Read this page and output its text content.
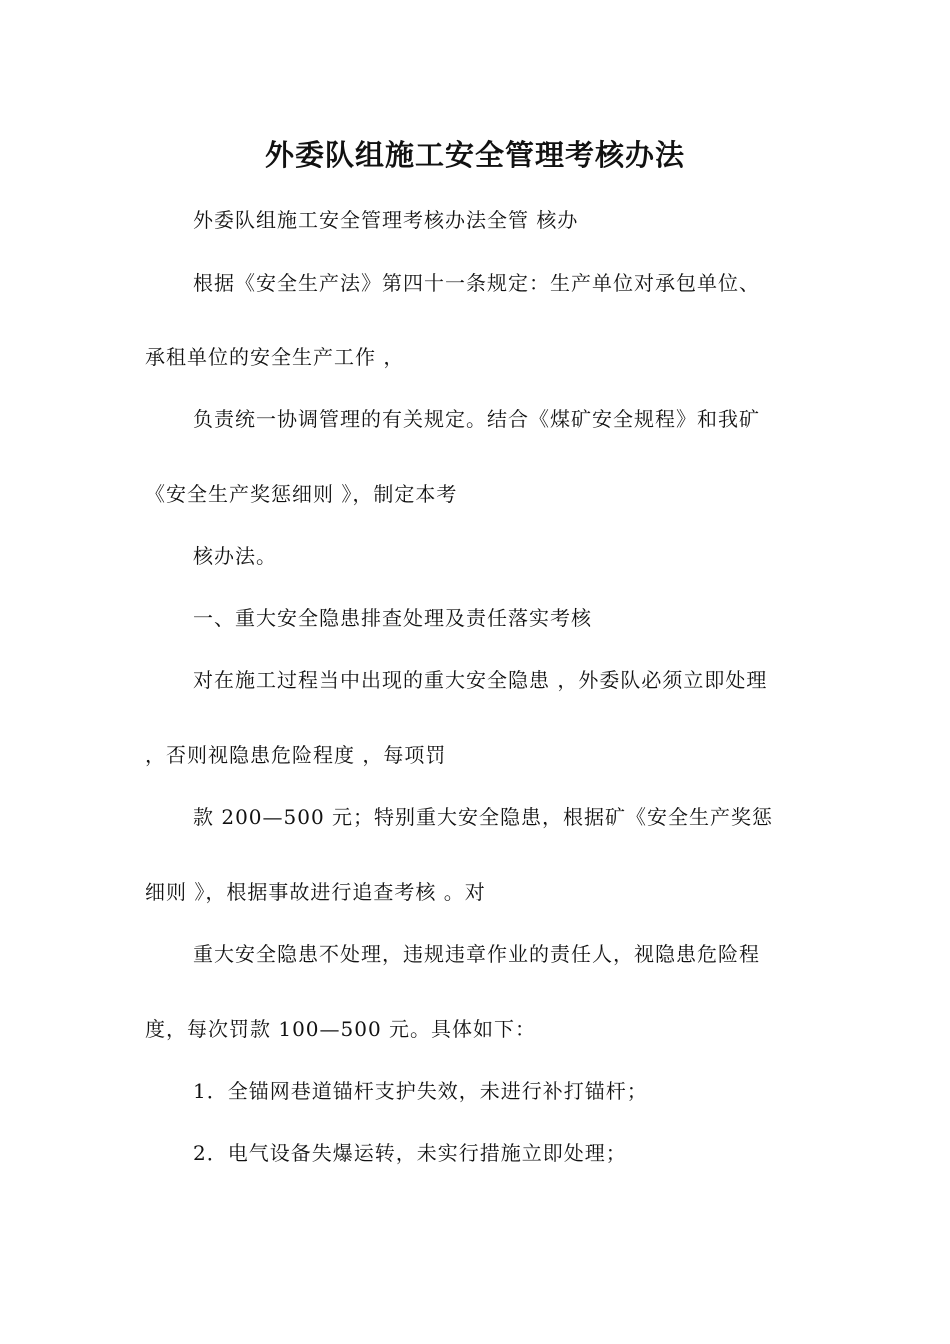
外委队组施工安全管理考核办法

外委队组施工安全管理考核办法全管 核办

根据《安全生产法》第四十一条规定：生产单位对承包单位、

承租单位的安全生产工作 ，

负责统一协调管理的有关规定。结合《煤矿安全规程》和我矿

《安全生产奖惩细则 》，制定本考

核办法。

一、重大安全隐患排查处理及责任落实考核

对在施工过程当中出现的重大安全隐患 ，外委队必须立即处理

，否则视隐患危险程度 ，每项罚

款 200—500 元；特别重大安全隐患，根据矿《安全生产奖惩

细则 》，根据事故进行追查考核 。对

重大安全隐患不处理，违规违章作业的责任人，视隐患危险程

度，每次罚款 100—500 元。具体如下：

1．全锚网巷道锚杆支护失效，未进行补打锚杆；

2．电气设备失爆运转，未实行措施立即处理；
